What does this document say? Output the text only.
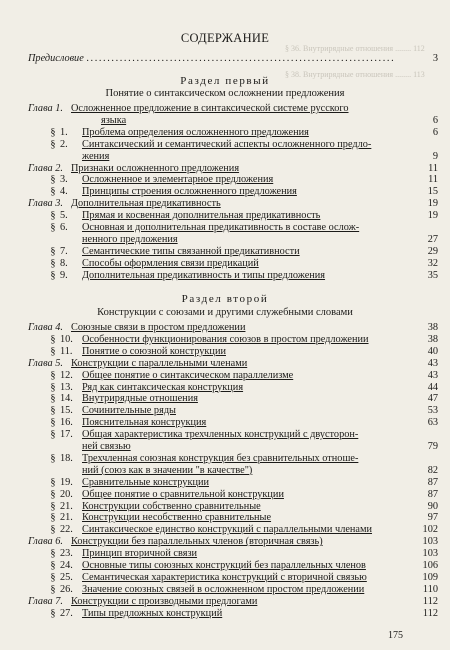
§ 36. Внутрирядные отношения ........ 112
§ 38. Внутрирядные отношения ........ 113
СОДЕРЖАНИЕ
Предисловие ..........................................................................	3
Раздел первый
Понятие о синтаксическом осложнении предложения
Глава 1. Осложненное предложение в синтаксической системе русского
языка	6
§ 1. Проблема определения осложненного предложения	6
§ 2. Синтаксический и семантический аспекты осложненного предло-
жения	9
Глава 2. Признаки осложненного предложения	11
§ 3. Осложненное и элементарное предложения	11
§ 4. Принципы строения осложненного предложения	15
Глава 3. Дополнительная предикативность	19
§ 5. Прямая и косвенная дополнительная предикативность	19
§ 6. Основная и дополнительная предикативность в составе ослож-
ненного предложения	27
§ 7. Семантические типы связанной предикативности	29
§ 8. Способы оформления связи предикаций	32
§ 9. Дополнительная предикативность и типы предложения	35
Раздел второй
Конструкции с союзами и другими служебными словами
Глава 4. Союзные связи в простом предложении	38
§ 10. Особенности функционирования союзов в простом предложении	38
§ 11. Понятие о союзной конструкции	40
Глава 5. Конструкции с параллельными членами	43
§ 12. Общее понятие о синтаксическом параллелизме	43
§ 13. Ряд как синтаксическая конструкция	44
§ 14. Внутрирядные отношения	47
§ 15. Сочинительные ряды	53
§ 16. Пояснительная конструкция	63
§ 17. Общая характеристика трехчленных конструкций с двусторон-
ней связью	79
§ 18. Трехчленная союзная конструкция без сравнительных отноше-
ний (союз как в значении "в качестве")	82
§ 19. Сравнительные конструкции	87
§ 20. Общее понятие о сравнительной конструкции	87
§ 21. Конструкции собственно сравнительные	90
§ 21. Конструкции несобственно сравнительные	97
§ 22. Синтаксическое единство конструкций с параллельными членами	102
Глава 6. Конструкции без параллельных членов (вторичная связь)	103
§ 23. Принцип вторичной связи	103
§ 24. Основные типы союзных конструкций без параллельных членов	106
§ 25. Семантическая характеристика конструкций с вторичной связью	109
§ 26. Значение союзных связей в осложненном простом предложении	110
Глава 7. Конструкции с производными предлогами	112
§ 27. Типы предложных конструкций	112
175
